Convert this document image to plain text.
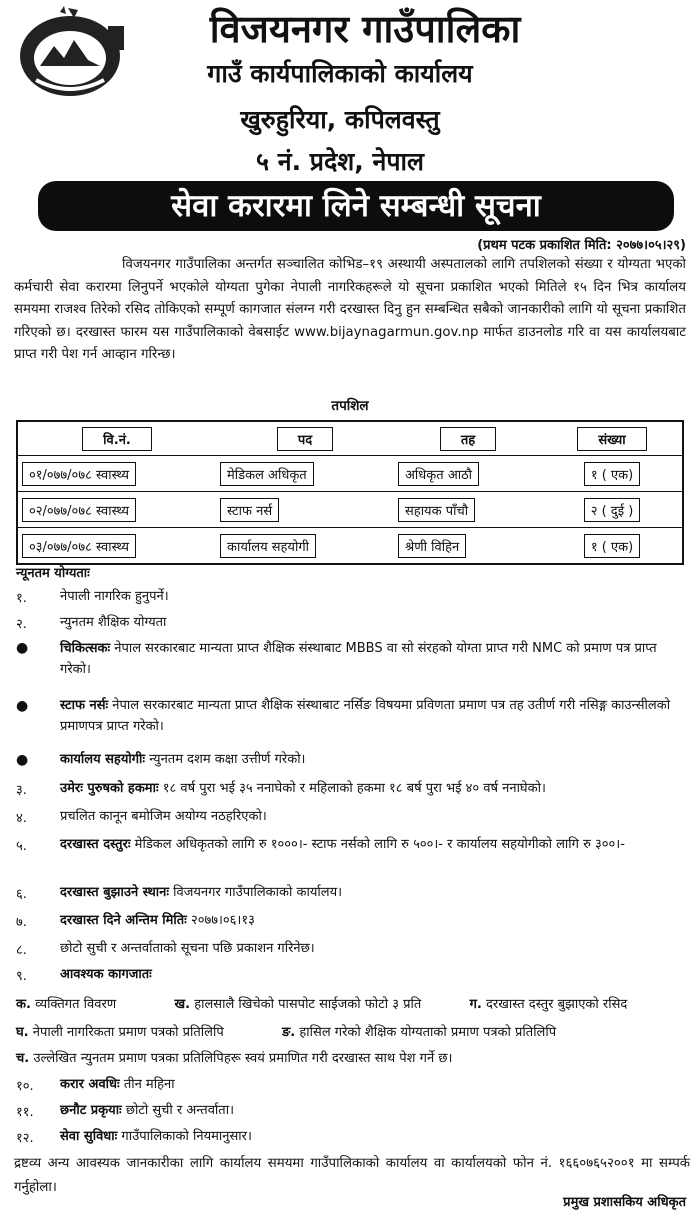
विजयनगर गाउँपालिका
गाउँ कार्यपालिकाको कार्यालय
खुरुहुरिया, कपिलवस्तु
५ नं. प्रदेश, नेपाल
सेवा करारमा लिने सम्बन्धी सूचना
(प्रथम पटक प्रकाशित मिति: २०७७।०५।२९)
विजयनगर गाउँपालिका अन्तर्गत सञ्चालित कोभिड–१९ अस्थायी अस्पतालको लागि तपशिलको संख्या र योग्यता भएको कर्मचारी सेवा करारमा लिनुपर्ने भएकोले योग्यता पुगेका नेपाली नागरिकहरूले यो सूचना प्रकाशित भएको मितिले १५ दिन भित्र कार्यालय समयमा राजश्व तिरेको रसिद तोकिएको सम्पूर्ण कागजात संलग्न गरी दरखास्त दिनु हुन सम्बन्धित सबैको जानकारीको लागि यो सूचना प्रकाशित गरिएको छ। दरखास्त फारम यस गाउँपालिकाको वेबसाईट www.bijaynagarmun.gov.np मार्फत डाउनलोड गरि वा यस कार्यालयबाट प्राप्त गरी पेश गर्न आव्हान गरिन्छ।
तपशिल
वि.नं.	पद	तह	संख्या
०१/०७७/०७८ स्वास्थ्य	मेडिकल अधिकृत	अधिकृत आठौ	१ ( एक)
०२/०७७/०७८ स्वास्थ्य	स्टाफ नर्स	सहायक पाँचौ	२ ( दुई )
०३/०७७/०७८ स्वास्थ्य	कार्यालय सहयोगी	श्रेणी विहिन	१ ( एक)
न्यूनतम योग्यताः
१.	नेपाली नागरिक हुनुपर्ने।
२.	न्युनतम शैक्षिक योग्यता
● चिकित्सकः नेपाल सरकारबाट मान्यता प्राप्त शैक्षिक संस्थाबाट MBBS वा सो संरहको योग्ता प्राप्त गरी NMC को प्रमाण पत्र प्राप्त गरेको।
● स्टाफ नर्सः नेपाल सरकारबाट मान्यता प्राप्त शैक्षिक संस्थाबाट नर्सिङ विषयमा प्रविणता प्रमाण पत्र तह उतीर्ण गरी नसिङ्ग काउन्सीलको प्रमाणपत्र प्राप्त गरेको।
● कार्यालय सहयोगीः न्युनतम दशम कक्षा उत्तीर्ण गरेको।
३.	उमेरः पुरुषको हकमाः १८ वर्ष पुरा भई ३५ ननाघेको र महिलाको हकमा १८ बर्ष पुरा भई ४० वर्ष ननाघेको।
४.	प्रचलित कानून बमोजिम अयोग्य नठहरिएको।
५.	दरखास्त दस्तुरः मेडिकल अधिकृतको लागि रु १०००।- स्टाफ नर्सको लागि रु ५००।- र कार्यालय सहयोगीको लागि रु ३००।-
६.	दरखास्त बुझाउने स्थानः विजयनगर गाउँपालिकाको कार्यालय।
७.	दरखास्त दिने अन्तिम मितिः २०७७।०६।१३
८.	छोटो सुची र अन्तर्वाताको सूचना पछि प्रकाशन गरिनेछ।
९.	आवश्यक कागजातः
क. व्यक्तिगत विवरण	ख. हालसालै खिचेको पासपोट साईजको फोटो ३ प्रति	ग. दरखास्त दस्तुर बुझाएको रसिद
घ. नेपाली नागरिकता प्रमाण पत्रको प्रतिलिपि	ङ. हासिल गरेको शैक्षिक योग्यताको प्रमाण पत्रको प्रतिलिपि
च. उल्लेखित न्युनतम प्रमाण पत्रका प्रतिलिपिहरू स्वयं प्रमाणित गरी दरखास्त साथ पेश गर्ने छ।
१०. करार अवधिः तीन महिना
११. छनौट प्रकृयाः छोटो सुची र अन्तर्वाता।
१२. सेवा सुविधाः गाउँपालिकाको नियमानुसार।
द्रष्टव्य अन्य आवस्यक जानकारीका लागि कार्यालय समयमा गाउँपालिकाको कार्यालय वा कार्यालयको फोन नं. १६६०७६५२००१ मा सम्पर्क गर्नुहोला।
प्रमुख प्रशासकिय अधिकृत
